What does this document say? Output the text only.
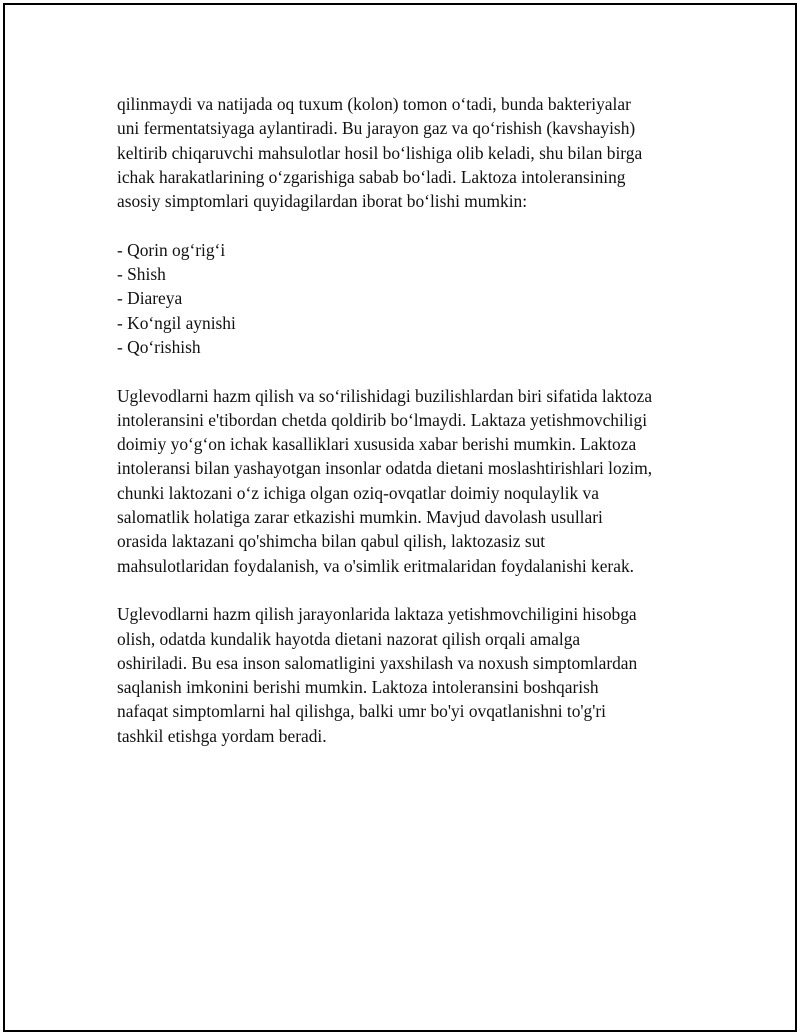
qilinmaydi va natijada oq tuxum (kolon) tomon o‘tadi, bunda bakteriyalar
uni fermentatsiyaga aylantiradi. Bu jarayon gaz va qo‘rishish (kavshayish)
keltirib chiqaruvchi mahsulotlar hosil bo‘lishiga olib keladi, shu bilan birga
ichak harakatlarining o‘zgarishiga sabab bo‘ladi. Laktoza intoleransining
asosiy simptomlari quyidagilardan iborat bo‘lishi mumkin:
- Qorin og‘rig‘i
- Shish
- Diareya
- Ko‘ngil aynishi
- Qo‘rishish
Uglevodlarni hazm qilish va so‘rilishidagi buzilishlardan biri sifatida laktoza
intoleransini e'tibordan chetda qoldirib bo‘lmaydi. Laktaza yetishmovchiligi
doimiy yo‘g‘on ichak kasalliklari xususida xabar berishi mumkin. Laktoza
intoleransi bilan yashayotgan insonlar odatda dietani moslashtirishlari lozim,
chunki laktozani o‘z ichiga olgan oziq-ovqatlar doimiy noqulaylik va
salomatlik holatiga zarar etkazishi mumkin. Mavjud davolash usullari
orasida laktazani qo'shimcha bilan qabul qilish, laktozasiz sut
mahsulotlaridan foydalanish, va o'simlik eritmalaridan foydalanishi kerak.
Uglevodlarni hazm qilish jarayonlarida laktaza yetishmovchiligini hisobga
olish, odatda kundalik hayotda dietani nazorat qilish orqali amalga
oshiriladi. Bu esa inson salomatligini yaxshilash va noxush simptomlardan
saqlanish imkonini berishi mumkin. Laktoza intoleransini boshqarish
nafaqat simptomlarni hal qilishga, balki umr bo'yi ovqatlanishni to'g'ri
tashkil etishga yordam beradi.
